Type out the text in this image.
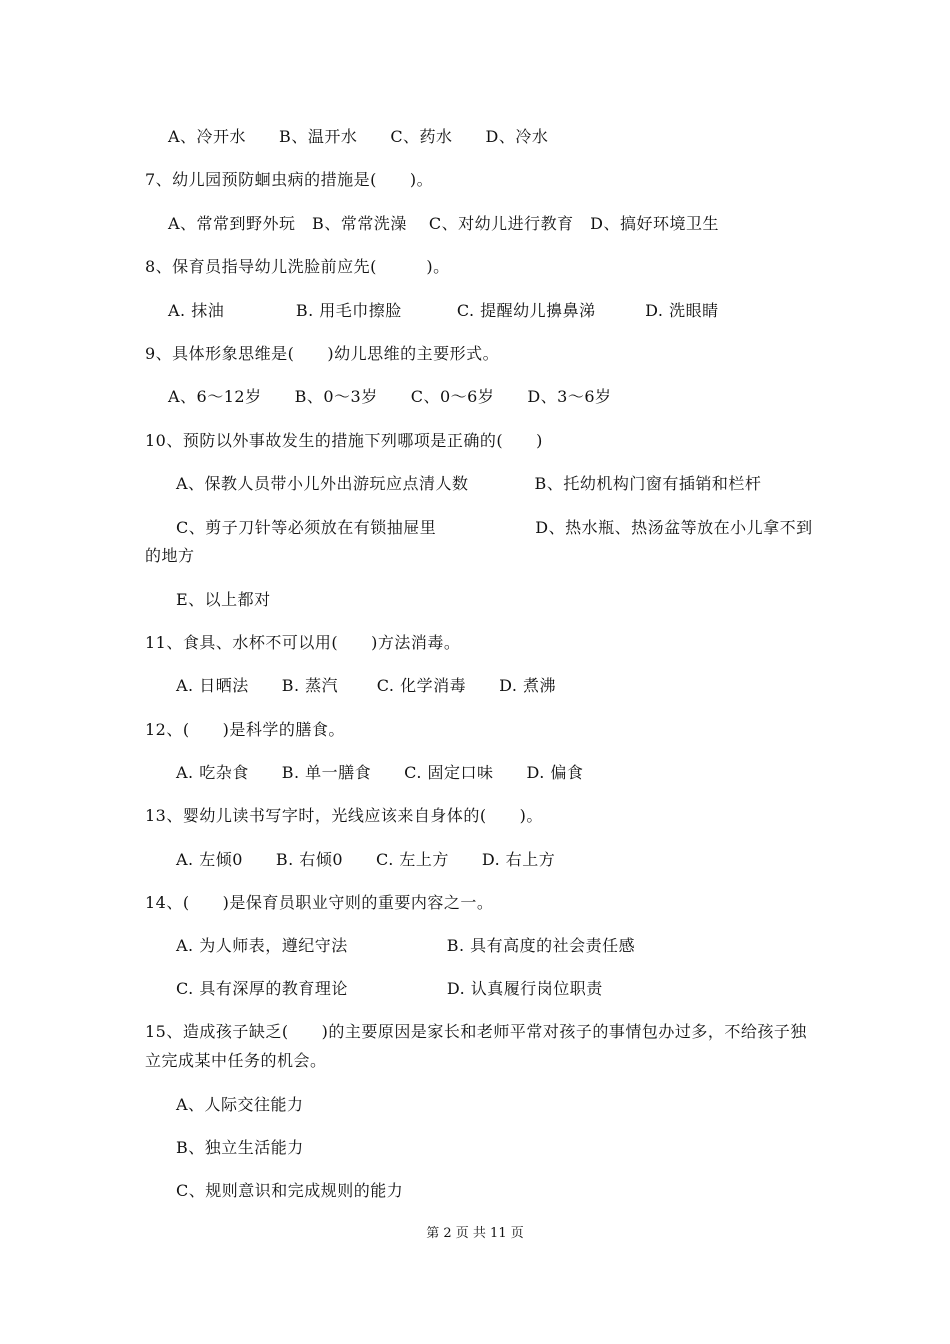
A、冷开水　　B、温开水　　C、药水　　D、冷水
7、幼儿园预防蛔虫病的措施是(　　)。
A、常常到野外玩　B、常常洗澡　 C、对幼儿进行教育　D、搞好环境卫生
8、保育员指导幼儿洗脸前应先(　　　)。
A. 抹油　　　　 B. 用毛巾擦脸　　　 C. 提醒幼儿擤鼻涕　　　D. 洗眼睛
9、具体形象思维是(　　)幼儿思维的主要形式。
A、6～12岁　　B、0～3岁　　C、0～6岁　　D、3～6岁
10、预防以外事故发生的措施下列哪项是正确的(　　)
A、保教人员带小儿外出游玩应点清人数　　　　B、托幼机构门窗有插销和栏杆
C、剪子刀针等必须放在有锁抽屉里　　　　　　D、热水瓶、热汤盆等放在小儿拿不到
的地方
E、以上都对
11、食具、水杯不可以用(　　)方法消毒。
A. 日晒法　　B. 蒸汽　　 C. 化学消毒　　D. 煮沸
12、(　　)是科学的膳食。
A. 吃杂食　　B. 单一膳食　　C. 固定口味　　D. 偏食
13、婴幼儿读书写字时，光线应该来自身体的(　　)。
A. 左倾0　　B. 右倾0　　C. 左上方　　D. 右上方
14、(　　)是保育员职业守则的重要内容之一。
A. 为人师表，遵纪守法　　　　　　B. 具有高度的社会责任感
C. 具有深厚的教育理论　　　　　　D. 认真履行岗位职责
15、造成孩子缺乏(　　)的主要原因是家长和老师平常对孩子的事情包办过多，不给孩子独
立完成某中任务的机会。
A、人际交往能力
B、独立生活能力
C、规则意识和完成规则的能力
第 2 页 共 11 页
